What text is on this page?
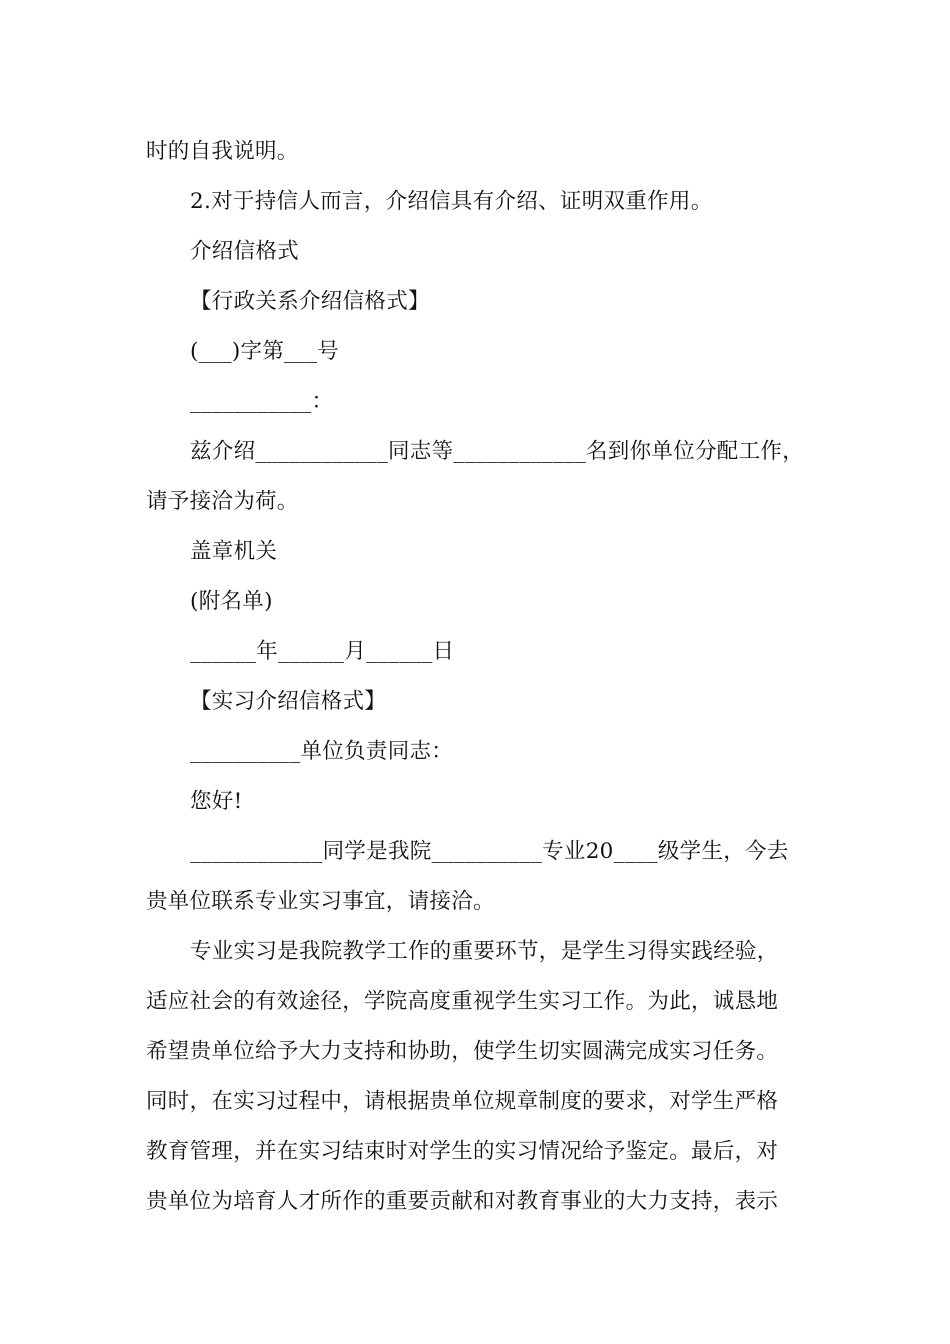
时的自我说明。
2.对于持信人而言，介绍信具有介绍、证明双重作用。
介绍信格式
【行政关系介绍信格式】
(___)字第___号
___________：
兹介绍____________同志等____________名到你单位分配工作，
请予接洽为荷。
盖章机关
(附名单)
______年______月______日
【实习介绍信格式】
__________单位负责同志：
您好!
____________同学是我院__________专业20____级学生，今去
贵单位联系专业实习事宜，请接洽。
专业实习是我院教学工作的重要环节，是学生习得实践经验，
适应社会的有效途径，学院高度重视学生实习工作。为此，诚恳地
希望贵单位给予大力支持和协助，使学生切实圆满完成实习任务。
同时，在实习过程中，请根据贵单位规章制度的要求，对学生严格
教育管理，并在实习结束时对学生的实习情况给予鉴定。最后，对
贵单位为培育人才所作的重要贡献和对教育事业的大力支持，表示
